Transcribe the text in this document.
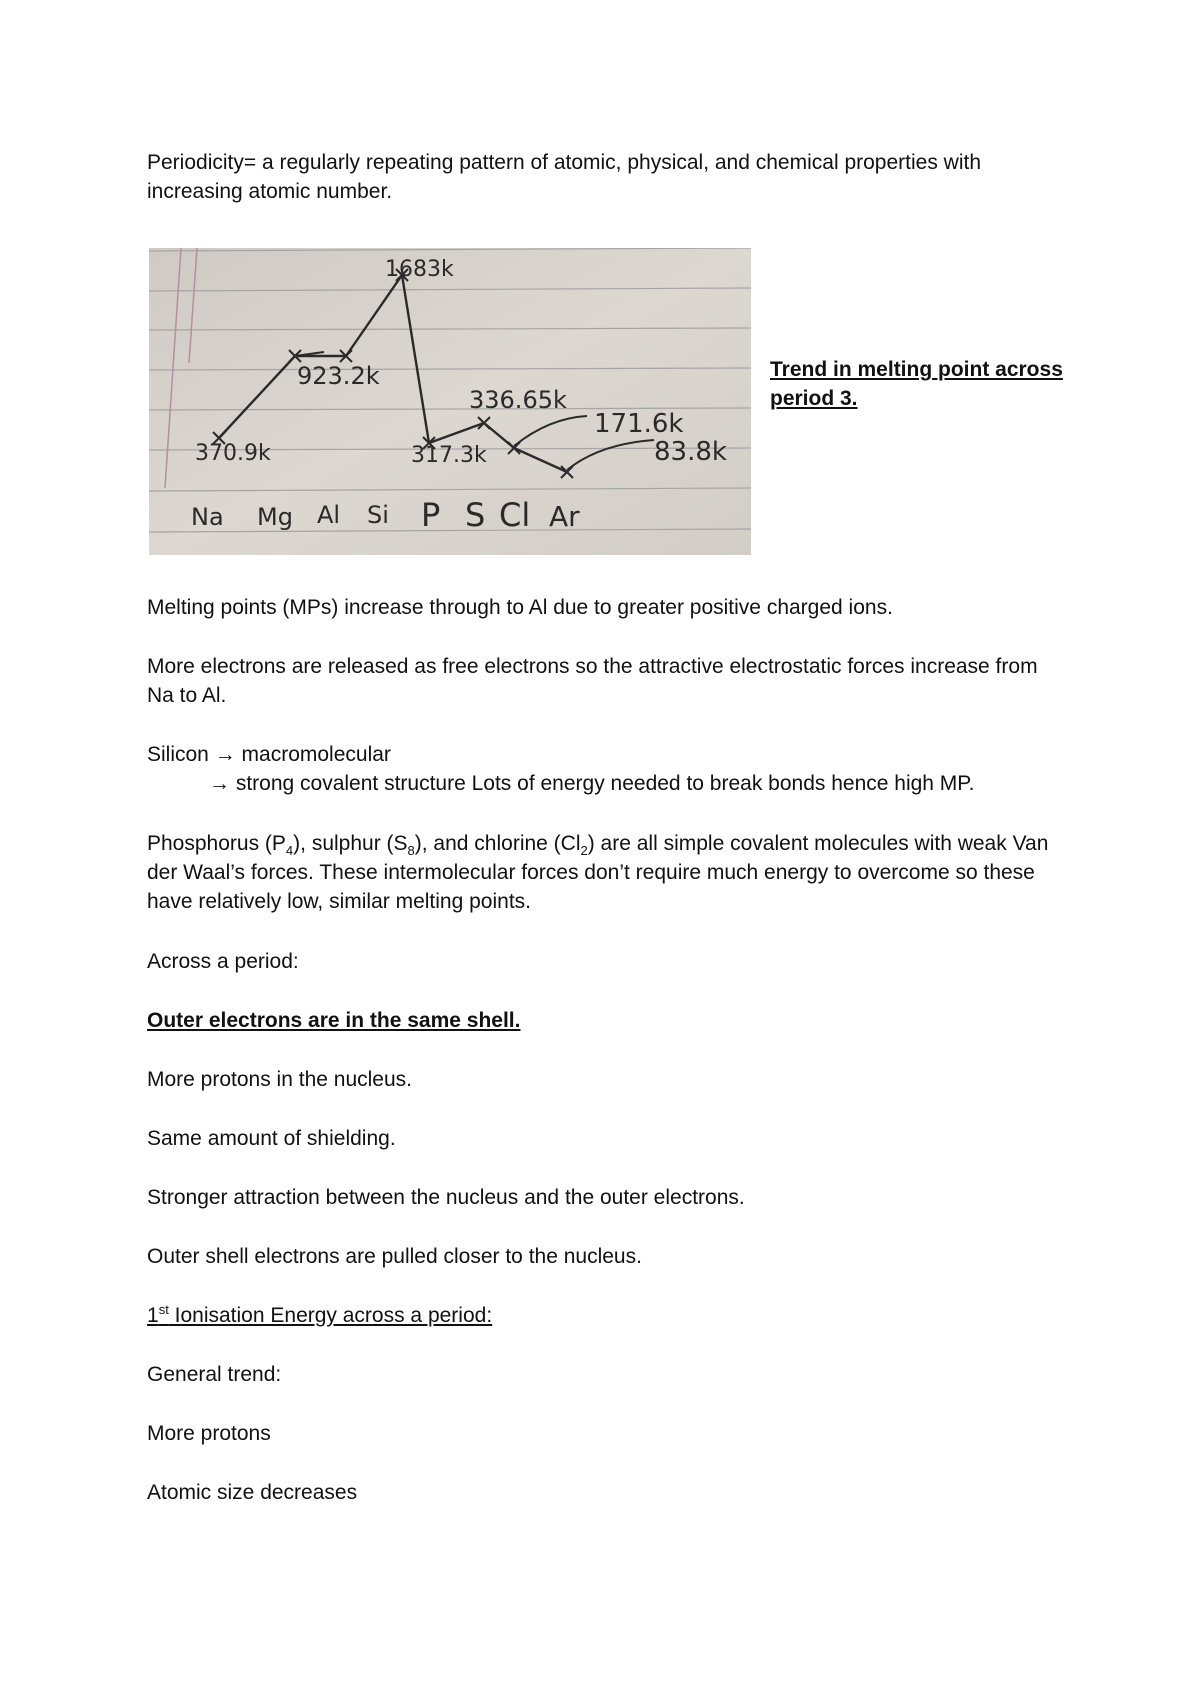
Periodicity= a regularly repeating pattern of atomic, physical, and chemical properties with increasing atomic number.

1683k
923.2k
370.9k	317.3k
336.65k
171.6k
83.8k
Na Mg Al Si P S Cl Ar
Trend in melting point across
period 3.

Melting points (MPs) increase through to Al due to greater positive charged ions.

More electrons are released as free electrons so the attractive electrostatic forces increase from Na to Al.

Silicon → macromolecular

→ strong covalent structure Lots of energy needed to break bonds hence high MP.

Phosphorus $(P_4)$, sulphur $(S_8)$, and chlorine $(Cl_2)$ are all simple covalent molecules with weak Van der Waal’s forces. These intermolecular forces don’t require much energy to overcome so these have relatively low, similar melting points.

Across a period:

Outer electrons are in the same shell.

More protons in the nucleus.

Same amount of shielding.

Stronger attraction between the nucleus and the outer electrons.

Outer shell electrons are pulled closer to the nucleus.

1st Ionisation Energy across a period:

General trend:

More protons

Atomic size decreases
